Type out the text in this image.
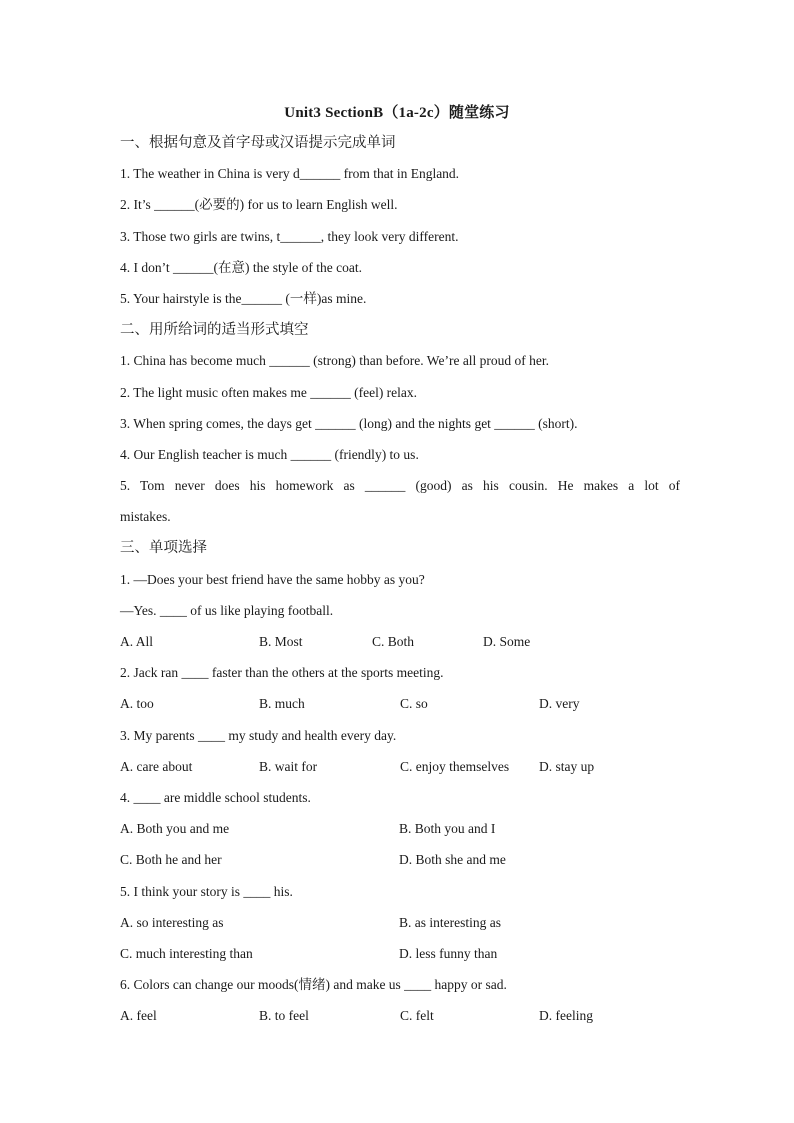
Unit3 SectionB（1a-2c）随堂练习
一、根据句意及首字母或汉语提示完成单词
1. The weather in China is very d______ from that in England.
2. It’s ______(必要的) for us to learn English well.
3. Those two girls are twins, t______, they look very different.
4. I don’t ______(在意) the style of the coat.
5. Your hairstyle is the______ (一样)as mine.
二、用所给词的适当形式填空
1. China has become much ______ (strong) than before. We’re all proud of her.
2. The light music often makes me ______ (feel) relax.
3. When spring comes, the days get ______ (long) and the nights get ______ (short).
4. Our English teacher is much ______ (friendly) to us.
5. Tom never does his homework as ______ (good) as his cousin. He makes a lot of
mistakes.
三、单项选择
1. —Does your best friend have the same hobby as you?
—Yes. ____ of us like playing football.
A. All	B. Most	C. Both	D. Some
2. Jack ran ____ faster than the others at the sports meeting.
A. too	B. much	C. so	D. very
3. My parents ____ my study and health every day.
A. care about	B. wait for	C. enjoy themselves	D. stay up
4. ____ are middle school students.
A. Both you and me	B. Both you and I
C. Both he and her	D. Both she and me
5. I think your story is ____ his.
A. so interesting as	B. as interesting as
C. much interesting than	D. less funny than
6. Colors can change our moods(情绪) and make us ____ happy or sad.
A. feel	B. to feel	C. felt	D. feeling
